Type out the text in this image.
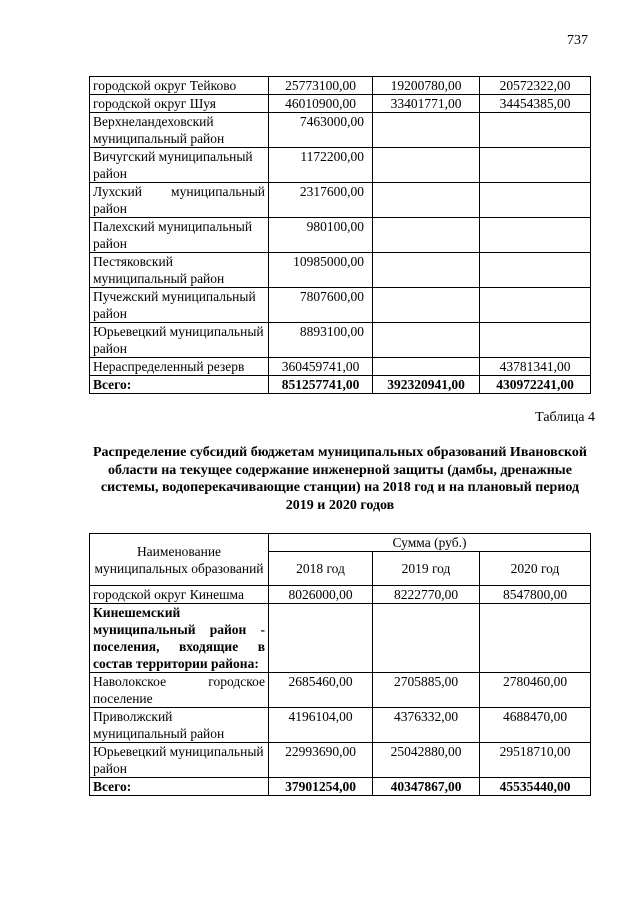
737
городской округ Тейково	25773100,00	19200780,00	20572322,00
городской округ Шуя	46010900,00	33401771,00	34454385,00
Верхнеландеховский муниципальный район	7463000,00		
Вичугский муниципальный район	1172200,00		
Лухский муниципальный район	2317600,00		
Палехский муниципальный район	980100,00		
Пестяковский муниципальный район	10985000,00		
Пучежский муниципальный район	7807600,00		
Юрьевецкий муниципальный район	8893100,00		
Нераспределенный резерв	360459741,00		43781341,00
Всего:	851257741,00	392320941,00	430972241,00
Таблица 4
Распределение субсидий бюджетам муниципальных образований Ивановской области на текущее содержание инженерной защиты (дамбы, дренажные системы, водоперекачивающие станции) на 2018 год и на плановый период 2019 и 2020 годов
Наименование муниципальных образований	Сумма (руб.)		
	2018 год	2019 год	2020 год
городской округ Кинешма	8026000,00	8222770,00	8547800,00
Кинешемский муниципальный район - поселения, входящие в состав территории района:			
Наволокское городское поселение	2685460,00	2705885,00	2780460,00
Приволжский муниципальный район	4196104,00	4376332,00	4688470,00
Юрьевецкий муниципальный район	22993690,00	25042880,00	29518710,00
Всего:	37901254,00	40347867,00	45535440,00
